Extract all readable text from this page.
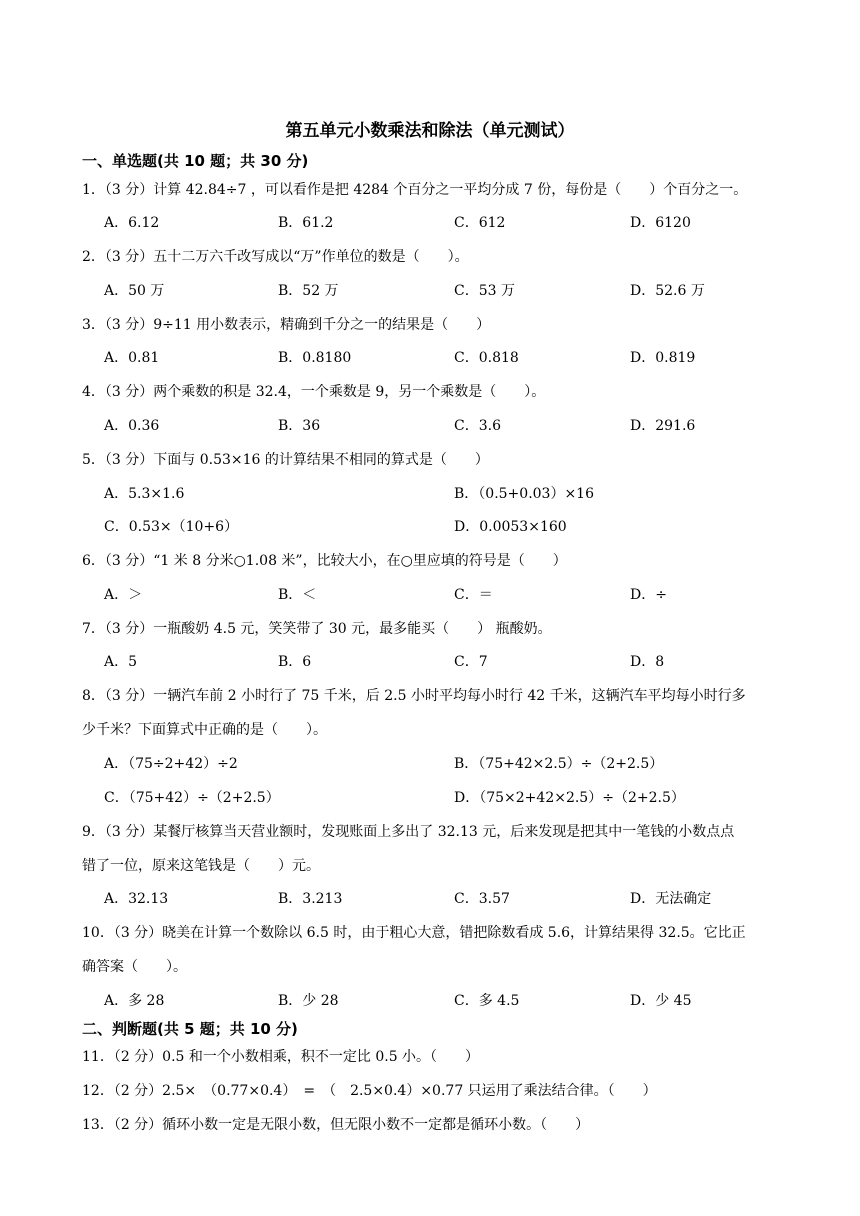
第五单元小数乘法和除法（单元测试）
一、单选题(共 10 题；共 30 分)
1．（3 分）计算 42.84÷7 ，可以看作是把 4284 个百分之一平均分成 7 份，每份是（　　）个百分之一。
A．6.12	B．61.2	C．612	D．6120
2．（3 分）五十二万六千改写成以“万”作单位的数是（　　）。
A．50 万	B．52 万	C．53 万	D．52.6 万
3．（3 分）9÷11 用小数表示，精确到千分之一的结果是（　　）
A．0.81	B．0.8180	C．0.818	D．0.819
4．（3 分）两个乘数的积是 32.4，一个乘数是 9，另一个乘数是（　　）。
A．0.36	B．36	C．3.6	D．291.6
5．（3 分）下面与 0.53×16 的计算结果不相同的算式是（　　）
A．5.3×1.6	B．（0.5+0.03）×16
C．0.53×（10+6）	D．0.0053×160
6．（3 分）“1 米 8 分米○1.08 米”，比较大小，在○里应填的符号是（　　）
A．＞	B．＜	C．＝	D．÷
7．（3 分）一瓶酸奶 4.5 元，笑笑带了 30 元，最多能买（　　） 瓶酸奶。
A．5	B．6	C．7	D．8
8．（3 分）一辆汽车前 2 小时行了 75 千米，后 2.5 小时平均每小时行 42 千米，这辆汽车平均每小时行多
少千米？下面算式中正确的是（　　）。
A．（75÷2+42）÷2	B．（75+42×2.5）÷（2+2.5）
C．（75+42）÷（2+2.5）	D．（75×2+42×2.5）÷（2+2.5）
9．（3 分）某餐厅核算当天营业额时，发现账面上多出了 32.13 元，后来发现是把其中一笔钱的小数点点
错了一位，原来这笔钱是（　　）元。
A．32.13	B．3.213	C．3.57	D．无法确定
10．（3 分）晓美在计算一个数除以 6.5 时，由于粗心大意，错把除数看成 5.6，计算结果得 32.5。它比正
确答案（　　）。
A．多 28	B．少 28	C．多 4.5	D．少 45
二、判断题(共 5 题；共 10 分)
11．（2 分）0.5 和一个小数相乘，积不一定比 0.5 小。（　　）
12．（2 分）2.5×　（0.77×0.4）　=　（　2.5×0.4）×0.77 只运用了乘法结合律。（　　）
13．（2 分）循环小数一定是无限小数，但无限小数不一定都是循环小数。（　　）
